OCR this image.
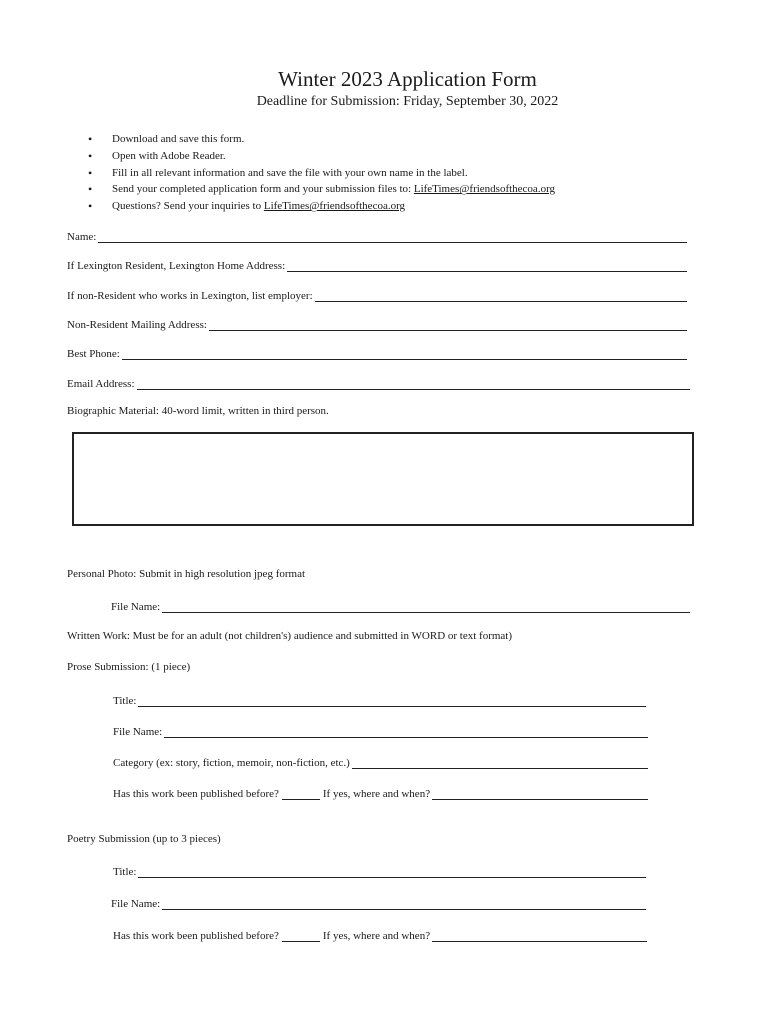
Winter 2023 Application Form
Deadline for Submission: Friday, September 30, 2022
• Download and save this form.
• Open with Adobe Reader.
• Fill in all relevant information and save the file with your own name in the label.
• Send your completed application form and your submission files to: LifeTimes@friendsofthecoa.org
• Questions? Send your inquiries to LifeTimes@friendsofthecoa.org
Name:
If Lexington Resident, Lexington Home Address:
If non-Resident who works in Lexington, list employer:
Non-Resident Mailing Address:
Best Phone:
Email Address:
Biographic Material: 40-word limit, written in third person.
Personal Photo: Submit in high resolution jpeg format
File Name:
Written Work: Must be for an adult (not children's) audience and submitted in WORD or text format)
Prose Submission: (1 piece)
Title:
File Name:
Category (ex: story, fiction, memoir, non-fiction, etc.)
Has this work been published before?	If yes, where and when?
Poetry Submission (up to 3 pieces)
Title:
File Name:
Has this work been published before?	If yes, where and when?
